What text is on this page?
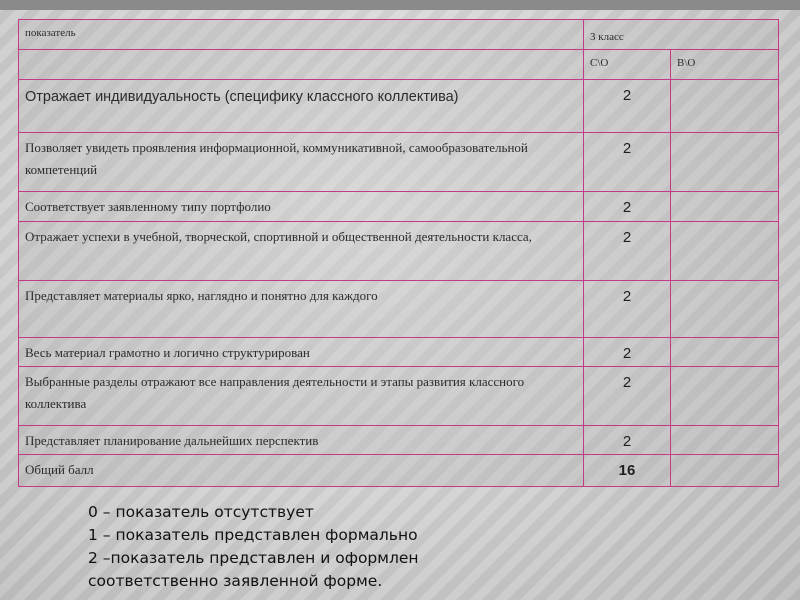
показатель	3 класс	
	С\О	В\О
Отражает индивидуальность (специфику классного коллектива)	2	
Позволяет увидеть проявления информационной, коммуникативной, самообразовательной компетенций	2	
Соответствует заявленному типу портфолио	2	
Отражает успехи в учебной, творческой, спортивной и общественной деятельности класса,	2	
Представляет материалы ярко, наглядно и понятно для каждого	2	
Весь материал грамотно и логично структурирован	2	
Выбранные разделы отражают все направления деятельности и этапы развития классного коллектива	2	
Представляет планирование дальнейших перспектив	2	
Общий балл	16	
0 – показатель отсутствует
1 – показатель представлен формально
2 –показатель представлен и оформлен
соответственно заявленной форме.
